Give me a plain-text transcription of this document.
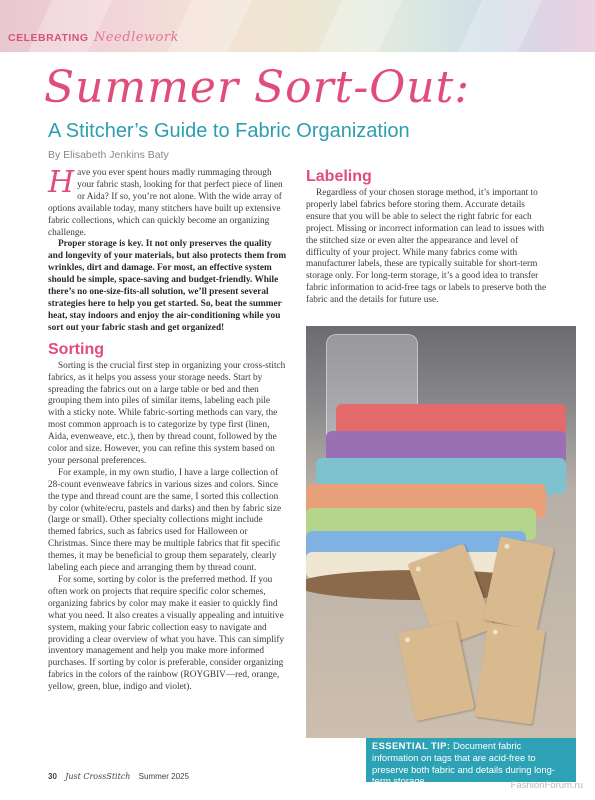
CELEBRATING Needlework
Summer Sort-Out:
A Stitcher’s Guide to Fabric Organization
By Elisabeth Jenkins Baty

Have you ever spent hours madly rummaging through your fabric stash, looking for that perfect piece of linen or Aida? If so, you’re not alone. With the wide array of options available today, many stitchers have built up extensive fabric collections, which can quickly become an organizing challenge.

Proper storage is key. It not only preserves the quality and longevity of your materials, but also protects them from wrinkles, dirt and damage. For most, an effective system should be simple, space-saving and budget-friendly. While there’s no one-size-fits-all solution, we’ll present several strategies here to help you get started. So, beat the summer heat, stay indoors and enjoy the air-conditioning while you sort out your fabric stash and get organized!

Sorting

Sorting is the crucial first step in organizing your cross-stitch fabrics, as it helps you assess your storage needs. Start by spreading the fabrics out on a large table or bed and then grouping them into piles of similar items, labeling each pile with a sticky note. While fabric-sorting methods can vary, the most common approach is to categorize by type first (linen, Aida, evenweave, etc.), then by thread count, followed by the color and size. However, you can refine this system based on your personal preferences.

For example, in my own studio, I have a large collection of 28-count evenweave fabrics in various sizes and colors. Since the type and thread count are the same, I sorted this collection by color (white/ecru, pastels and darks) and then by fabric size (large or small). Other specialty collections might include themed fabrics, such as fabrics used for Halloween or Christmas. Since there may be multiple fabrics that fit specific themes, it may be beneficial to group them separately, clearly labeling each piece and arranging them by thread count.

For some, sorting by color is the preferred method. If you often work on projects that require specific color schemes, organizing fabrics by color may make it easier to quickly find what you need. It also creates a visually appealing and intuitive system, making your fabric collection easy to navigate and providing a clear overview of what you have. This can simplify inventory management and help you make more informed purchases. If sorting by color is preferable, consider organizing fabrics in the colors of the rainbow (ROYGBIV—red, orange, yellow, green, blue, indigo and violet).

Labeling

Regardless of your chosen storage method, it’s important to properly label fabrics before storing them. Accurate details ensure that you will be able to select the right fabric for each project. Missing or incorrect information can lead to issues with the stitched size or even alter the appearance and level of difficulty of your project. While many fabrics come with manufacturer labels, these are typically suitable for short-term storage only. For long-term storage, it’s a good idea to transfer fabric information to acid-free tags or labels to preserve both the fabric and the details for future use.

ESSENTIAL TIP: Document fabric information on tags that are acid-free to preserve both fabric and details during long-term storage.
30 Just CrossStitch Summer 2025
FashionForum.ru
